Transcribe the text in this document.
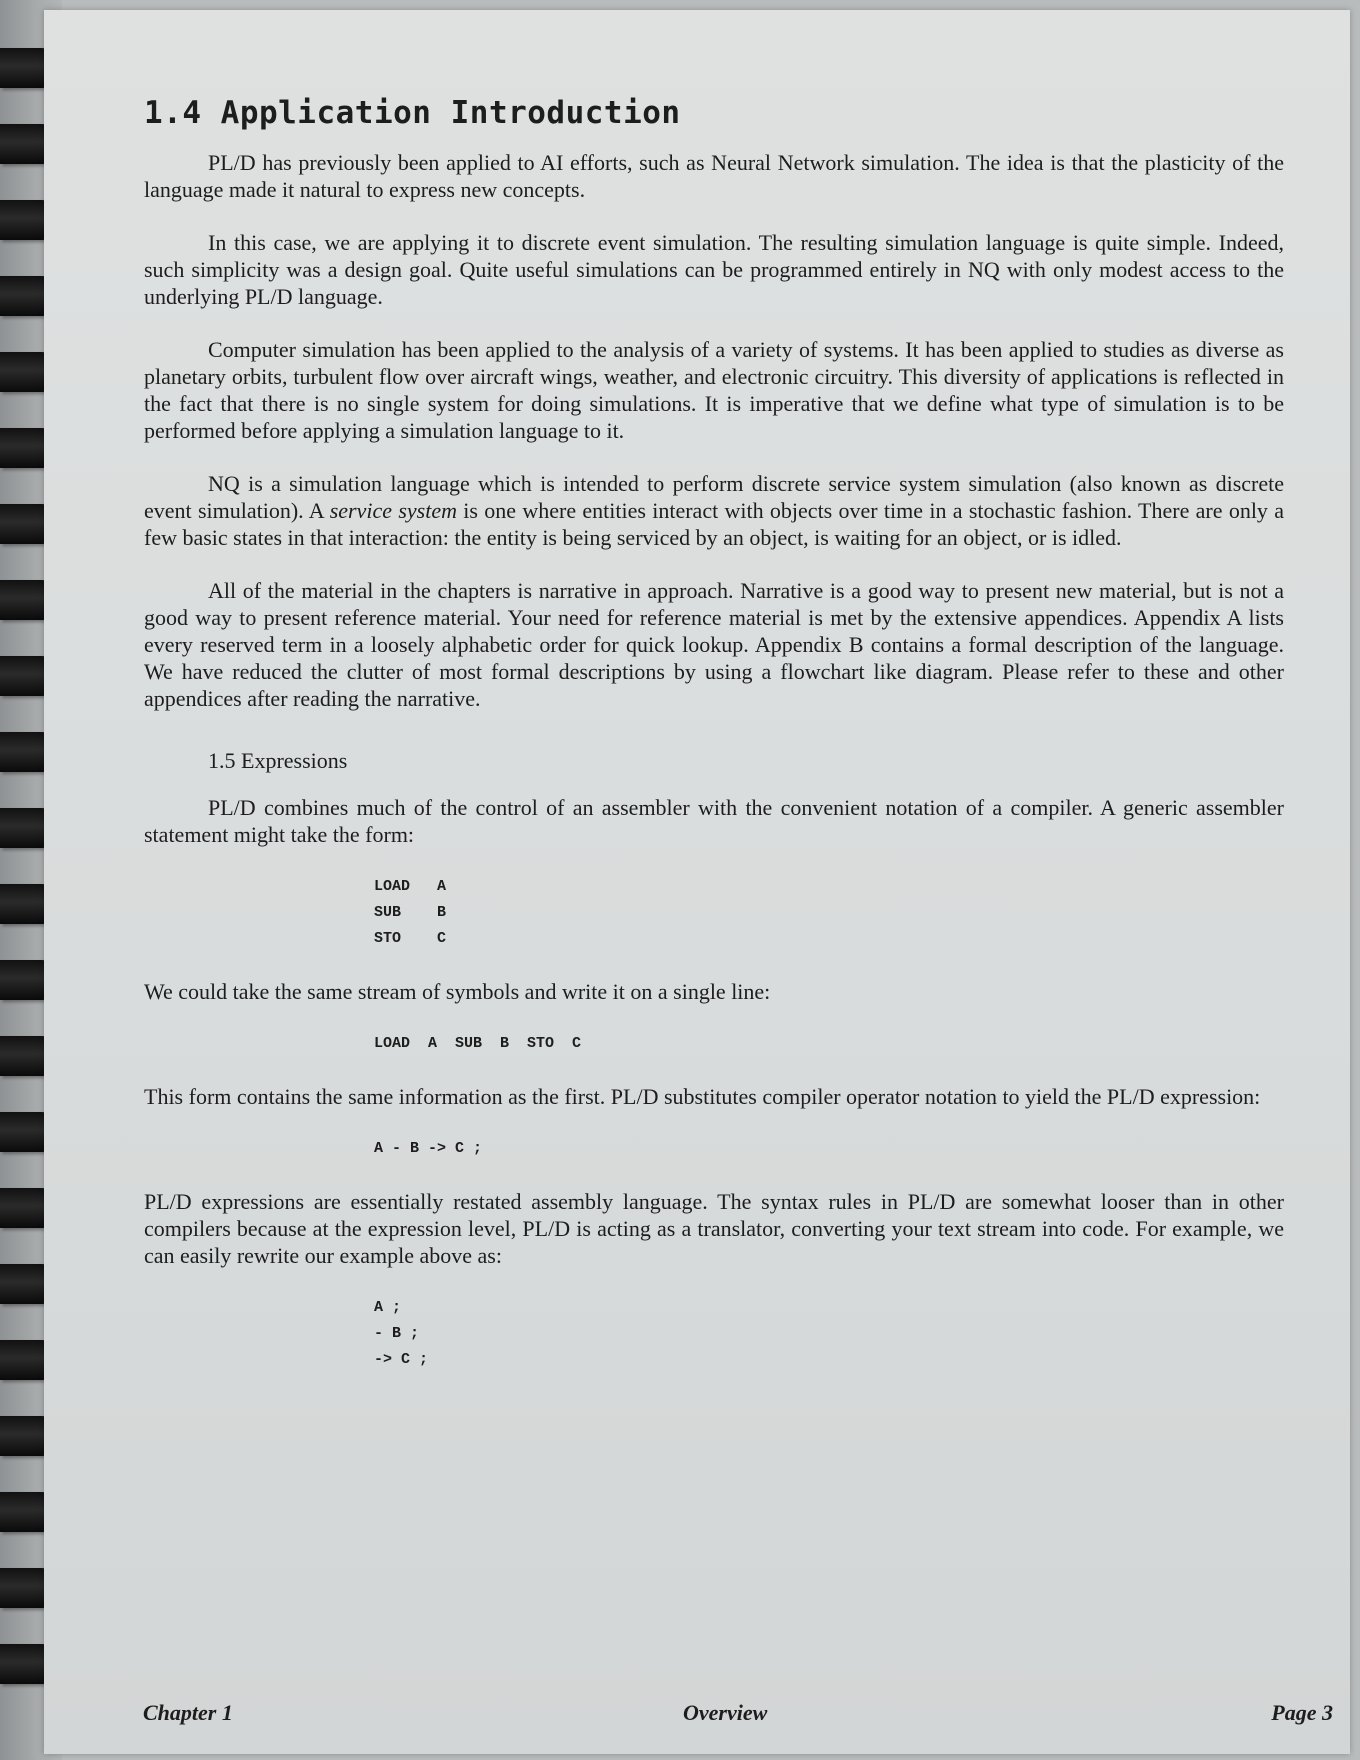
1.4 Application Introduction

PL/D has previously been applied to AI efforts, such as Neural Network simulation. The idea is that the plasticity of the language made it natural to express new concepts.

In this case, we are applying it to discrete event simulation. The resulting simulation language is quite simple. Indeed, such simplicity was a design goal. Quite useful simulations can be programmed entirely in NQ with only modest access to the underlying PL/D language.

Computer simulation has been applied to the analysis of a variety of systems. It has been applied to studies as diverse as planetary orbits, turbulent flow over aircraft wings, weather, and electronic circuitry. This diversity of applications is reflected in the fact that there is no single system for doing simulations. It is imperative that we define what type of simulation is to be performed before applying a simulation language to it.

NQ is a simulation language which is intended to perform discrete service system simulation (also known as discrete event simulation). A service system is one where entities interact with objects over time in a stochastic fashion. There are only a few basic states in that interaction: the entity is being serviced by an object, is waiting for an object, or is idled.

All of the material in the chapters is narrative in approach. Narrative is a good way to present new material, but is not a good way to present reference material. Your need for reference material is met by the extensive appendices. Appendix A lists every reserved term in a loosely alphabetic order for quick lookup. Appendix B contains a formal description of the language. We have reduced the clutter of most formal descriptions by using a flowchart like diagram. Please refer to these and other appendices after reading the narrative.

1.5 Expressions

PL/D combines much of the control of an assembler with the convenient notation of a compiler. A generic assembler statement might take the form:

LOAD   A
SUB    B
STO    C

We could take the same stream of symbols and write it on a single line:

LOAD  A  SUB  B  STO  C

This form contains the same information as the first. PL/D substitutes compiler operator notation to yield the PL/D expression:

A - B -> C ;

PL/D expressions are essentially restated assembly language. The syntax rules in PL/D are somewhat looser than in other compilers because at the expression level, PL/D is acting as a translator, converting your text stream into code. For example, we can easily rewrite our example above as:

A ;
- B ;
-> C ;
Chapter 1	Overview	Page 3
